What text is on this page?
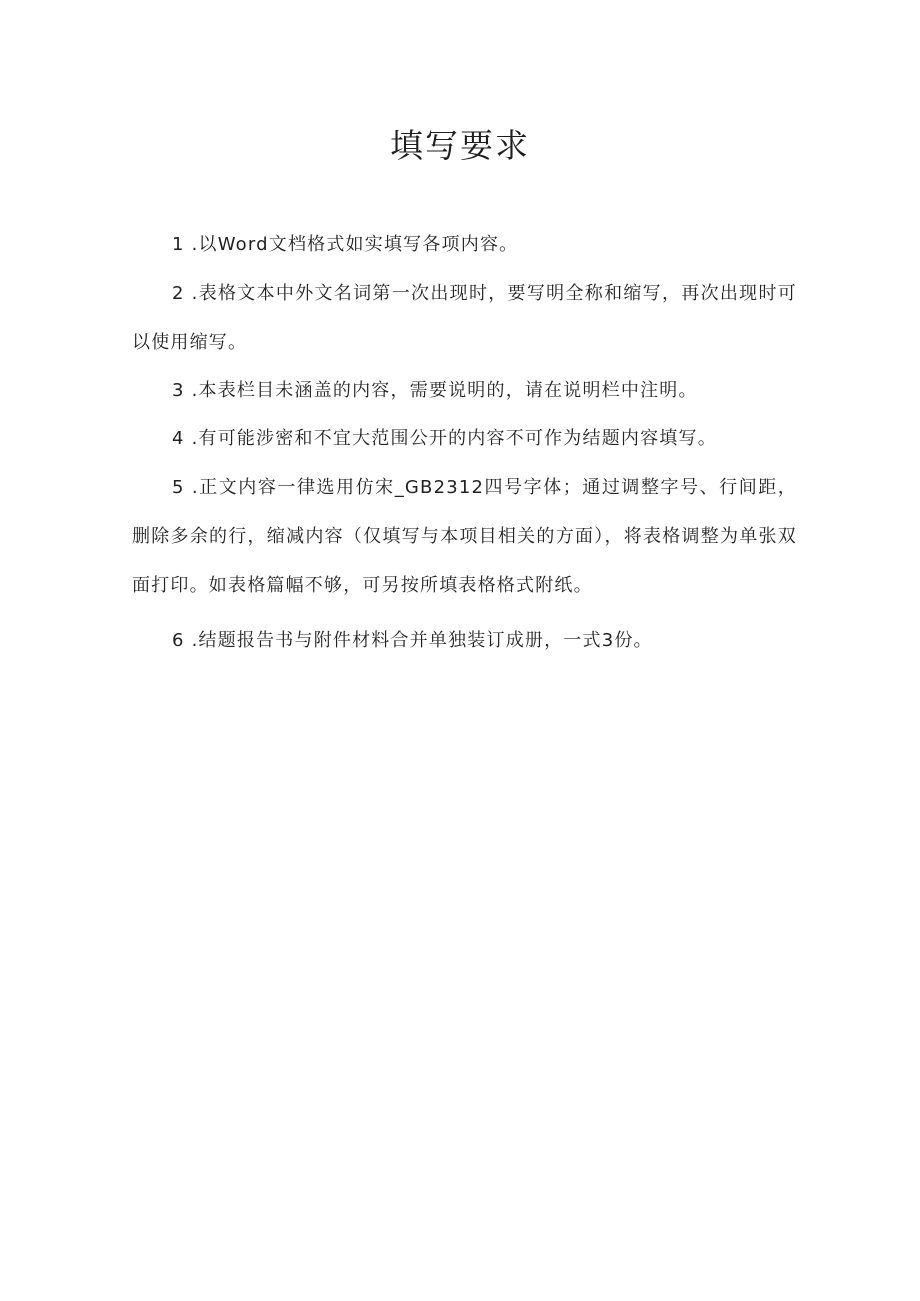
填写要求

1 .以Word文档格式如实填写各项内容。

2 .表格文本中外文名词第一次出现时，要写明全称和缩写，再次出现时可以使用缩写。

3 .本表栏目未涵盖的内容，需要说明的，请在说明栏中注明。

4 .有可能涉密和不宜大范围公开的内容不可作为结题内容填写。

5 .正文内容一律选用仿宋_GB2312四号字体；通过调整字号、行间距，删除多余的行，缩减内容（仅填写与本项目相关的方面），将表格调整为单张双面打印。如表格篇幅不够，可另按所填表格格式附纸。

6 .结题报告书与附件材料合并单独装订成册，一式3份。
